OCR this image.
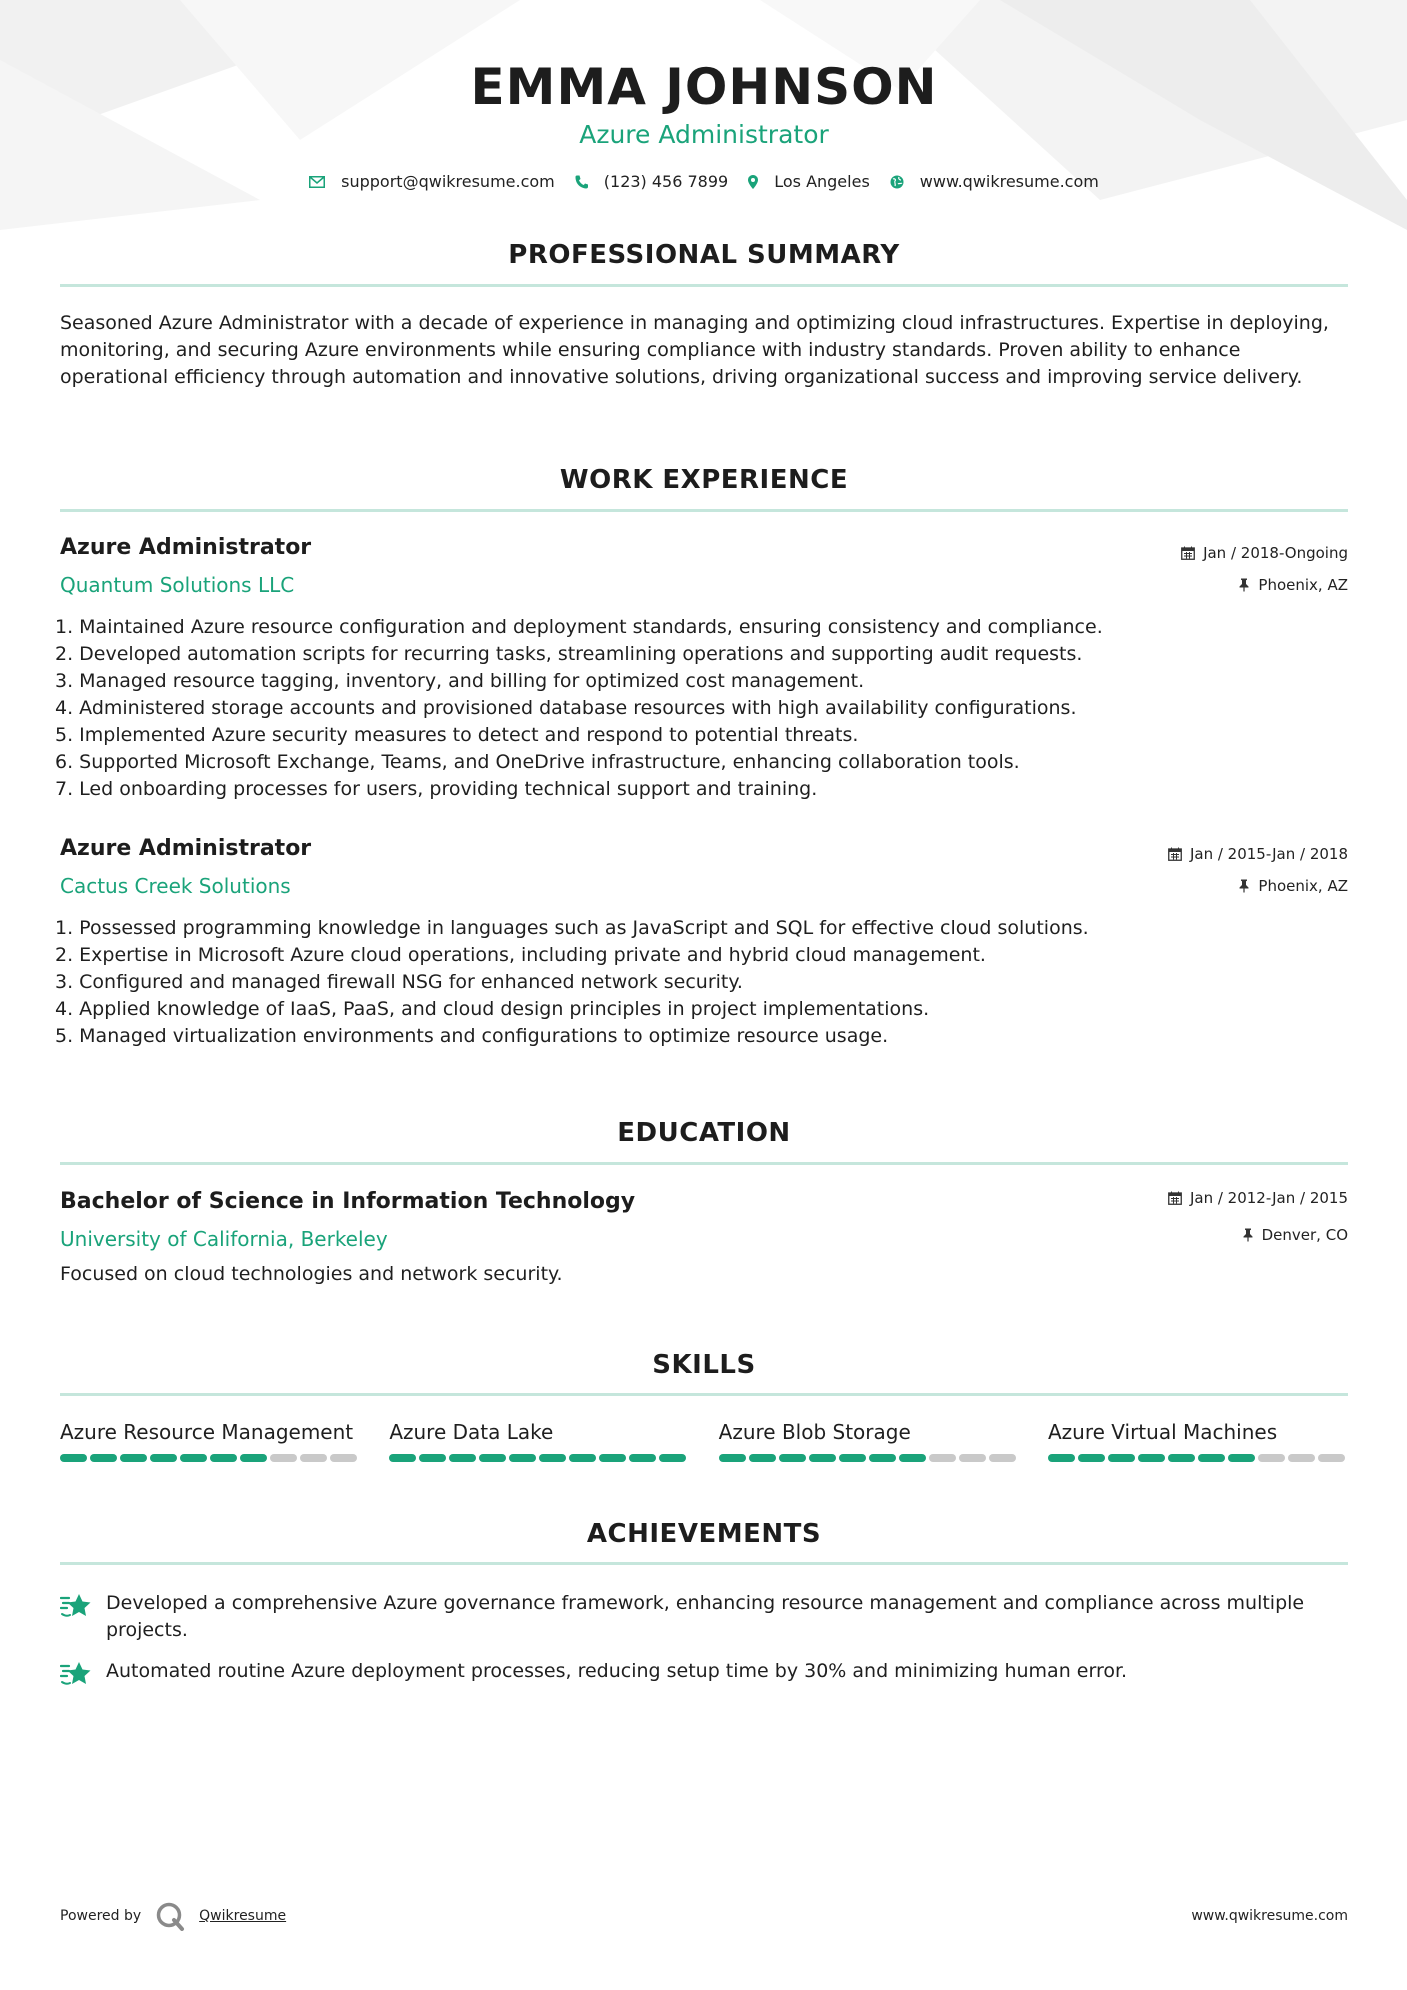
EMMA JOHNSON
Azure Administrator
support@qwikresume.com	(123) 456 7899	Los Angeles	www.qwikresume.com
PROFESSIONAL SUMMARY
Seasoned Azure Administrator with a decade of experience in managing and optimizing cloud infrastructures. Expertise in deploying, monitoring, and securing Azure environments while ensuring compliance with industry standards. Proven ability to enhance operational efficiency through automation and innovative solutions, driving organizational success and improving service delivery.
WORK EXPERIENCE
Azure Administrator	Jan / 2018-Ongoing
Quantum Solutions LLC	Phoenix, AZ
1. Maintained Azure resource configuration and deployment standards, ensuring consistency and compliance.
2. Developed automation scripts for recurring tasks, streamlining operations and supporting audit requests.
3. Managed resource tagging, inventory, and billing for optimized cost management.
4. Administered storage accounts and provisioned database resources with high availability configurations.
5. Implemented Azure security measures to detect and respond to potential threats.
6. Supported Microsoft Exchange, Teams, and OneDrive infrastructure, enhancing collaboration tools.
7. Led onboarding processes for users, providing technical support and training.
Azure Administrator	Jan / 2015-Jan / 2018
Cactus Creek Solutions	Phoenix, AZ
1. Possessed programming knowledge in languages such as JavaScript and SQL for effective cloud solutions.
2. Expertise in Microsoft Azure cloud operations, including private and hybrid cloud management.
3. Configured and managed firewall NSG for enhanced network security.
4. Applied knowledge of IaaS, PaaS, and cloud design principles in project implementations.
5. Managed virtualization environments and configurations to optimize resource usage.
EDUCATION
Bachelor of Science in Information Technology	Jan / 2012-Jan / 2015
University of California, Berkeley	Denver, CO
Focused on cloud technologies and network security.
SKILLS
Azure Resource Management	Azure Data Lake	Azure Blob Storage	Azure Virtual Machines
ACHIEVEMENTS
Developed a comprehensive Azure governance framework, enhancing resource management and compliance across multiple projects.
Automated routine Azure deployment processes, reducing setup time by 30% and minimizing human error.
Powered by	Qwikresume	www.qwikresume.com
